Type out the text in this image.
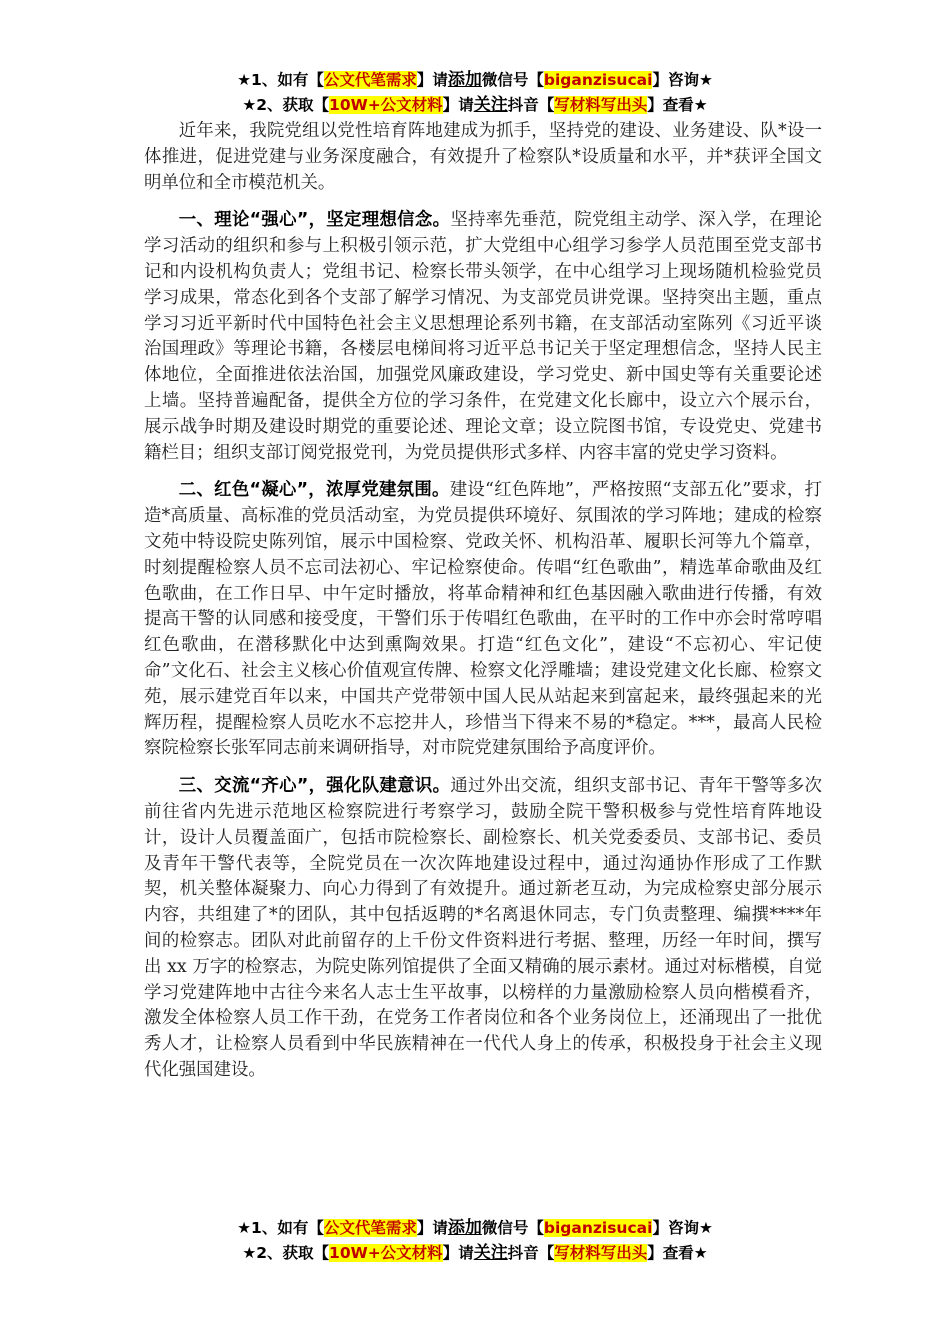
★1、如有【公文代笔需求】请添加微信号【biganzisucai】咨询★
★2、获取【10W+公文材料】请关注抖音【写材料写出头】查看★

近年来，我院党组以党性培育阵地建成为抓手，坚持党的建设、业务建设、队*设一体推进，促进党建与业务深度融合，有效提升了检察队*设质量和水平，并*获评全国文明单位和全市模范机关。

一、理论“强心”，坚定理想信念。坚持率先垂范，院党组主动学、深入学，在理论学习活动的组织和参与上积极引领示范，扩大党组中心组学习参学人员范围至党支部书记和内设机构负责人；党组书记、检察长带头领学，在中心组学习上现场随机检验党员学习成果，常态化到各个支部了解学习情况、为支部党员讲党课。坚持突出主题，重点学习习近平新时代中国特色社会主义思想理论系列书籍，在支部活动室陈列《习近平谈治国理政》等理论书籍，各楼层电梯间将习近平总书记关于坚定理想信念，坚持人民主体地位，全面推进依法治国，加强党风廉政建设，学习党史、新中国史等有关重要论述上墙。坚持普遍配备，提供全方位的学习条件，在党建文化长廊中，设立六个展示台，展示战争时期及建设时期党的重要论述、理论文章；设立院图书馆，专设党史、党建书籍栏目；组织支部订阅党报党刊，为党员提供形式多样、内容丰富的党史学习资料。

二、红色“凝心”，浓厚党建氛围。建设“红色阵地”，严格按照“支部五化”要求，打造*高质量、高标准的党员活动室，为党员提供环境好、氛围浓的学习阵地；建成的检察文苑中特设院史陈列馆，展示中国检察、党政关怀、机构沿革、履职长河等九个篇章，时刻提醒检察人员不忘司法初心、牢记检察使命。传唱“红色歌曲”，精选革命歌曲及红色歌曲，在工作日早、中午定时播放，将革命精神和红色基因融入歌曲进行传播，有效提高干警的认同感和接受度，干警们乐于传唱红色歌曲，在平时的工作中亦会时常哼唱红色歌曲，在潜移默化中达到熏陶效果。打造“红色文化”，建设“不忘初心、牢记使命”文化石、社会主义核心价值观宣传牌、检察文化浮雕墙；建设党建文化长廊、检察文苑，展示建党百年以来，中国共产党带领中国人民从站起来到富起来，最终强起来的光辉历程，提醒检察人员吃水不忘挖井人，珍惜当下得来不易的*稳定。***，最高人民检察院检察长张军同志前来调研指导，对市院党建氛围给予高度评价。

三、交流“齐心”，强化队建意识。通过外出交流，组织支部书记、青年干警等多次前往省内先进示范地区检察院进行考察学习，鼓励全院干警积极参与党性培育阵地设计，设计人员覆盖面广，包括市院检察长、副检察长、机关党委委员、支部书记、委员及青年干警代表等，全院党员在一次次阵地建设过程中，通过沟通协作形成了工作默契，机关整体凝聚力、向心力得到了有效提升。通过新老互动，为完成检察史部分展示内容，共组建了*的团队，其中包括返聘的*名离退休同志，专门负责整理、编撰****年间的检察志。团队对此前留存的上千份文件资料进行考据、整理，历经一年时间，撰写出 xx 万字的检察志，为院史陈列馆提供了全面又精确的展示素材。通过对标楷模，自觉学习党建阵地中古往今来名人志士生平故事，以榜样的力量激励检察人员向楷模看齐，激发全体检察人员工作干劲，在党务工作者岗位和各个业务岗位上，还涌现出了一批优秀人才，让检察人员看到中华民族精神在一代代人身上的传承，积极投身于社会主义现代化强国建设。

★1、如有【公文代笔需求】请添加微信号【biganzisucai】咨询★
★2、获取【10W+公文材料】请关注抖音【写材料写出头】查看★
